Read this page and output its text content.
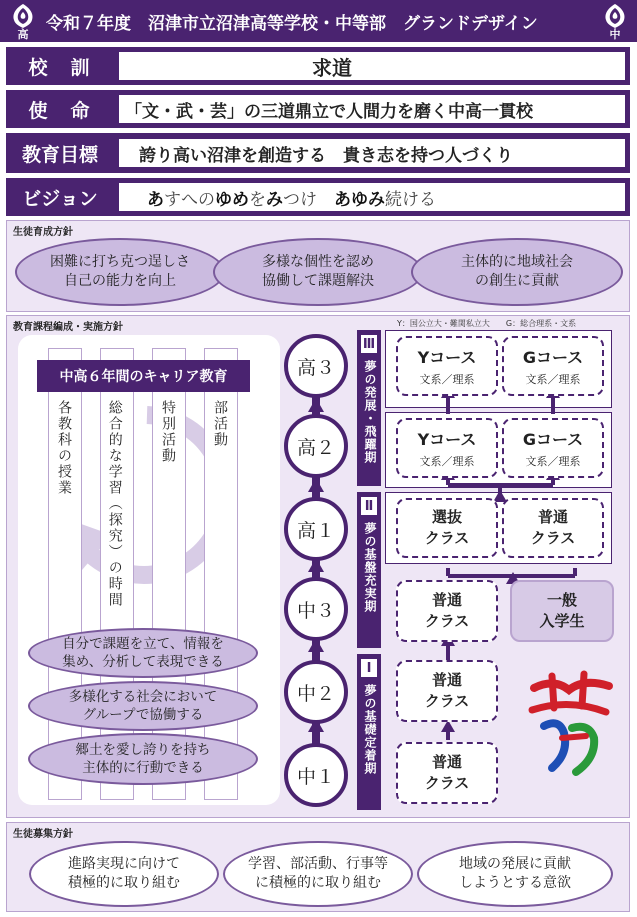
高
令和７年度　沼津市立沼津高等学校・中等部　グランドデザイン
中
校　訓	求道
使　命	「文・武・芸」の三道鼎立で人間力を磨く中高一貫校
教育目標	誇り高い沼津を創造する　貴き志を持つ人づくり
ビジョン	あ す へ の ゆ め を み つ け
　 あ ゆ み 続 け る
生徒育成方針
困難に打ち克つ逞しさ
自己の能力を向上
多様な個性を認め
協働して課題解決
主体的に地域社会
の創生に貢献
教育課程編成・実施方針	Y：国公立大・難関私立大　　G：総合理系・文系
中高６年間のキャリア教育
各教科の授業 総合的な学習（探究）の時間	特別活動	部活動
自分で課題を立て、情報を
集め、分析して表現できる
多様化する社会において
グループで協働する
郷土を愛し誇りを持ち
主体的に行動できる
高３
高２
高１
中３
中２
中１
Ⅲ
夢の発展・飛躍期
Ⅱ
夢の基盤充実期
Ⅰ
夢の基礎定着期
Yコース
文系／理系
Gコース
文系／理系
Yコース
文系／理系
Gコース
文系／理系
選抜
クラス
普通
クラス
普通
クラス
一般
入学生
普通
クラス
普通
クラス
生徒募集方針
進路実現に向けて
積極的に取り組む
学習、部活動、行事等
に積極的に取り組む
地域の発展に貢献
しようとする意欲
